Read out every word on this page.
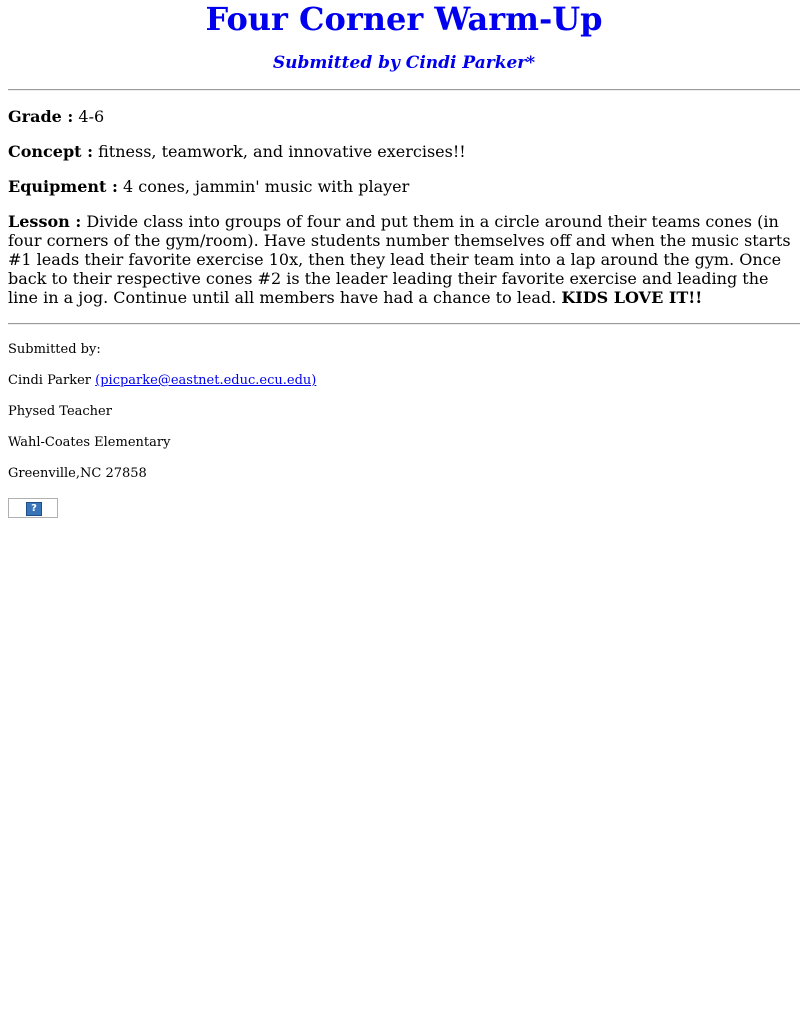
Four Corner Warm-Up
Submitted by Cindi Parker*

Grade : 4-6

Concept : fitness, teamwork, and innovative exercises!!

Equipment : 4 cones, jammin' music with player

Lesson : Divide class into groups of four and put them in a circle around their teams cones (in four corners of the gym/room). Have students number themselves off and when the music starts #1 leads their favorite exercise 10x, then they lead their team into a lap around the gym. Once back to their respective cones #2 is the leader leading their favorite exercise and leading the line in a jog. Continue until all members have had a chance to lead. KIDS LOVE IT!!

Submitted by:

Cindi Parker (picparke@eastnet.educ.ecu.edu)

Physed Teacher

Wahl-Coates Elementary

Greenville,NC 27858

?
